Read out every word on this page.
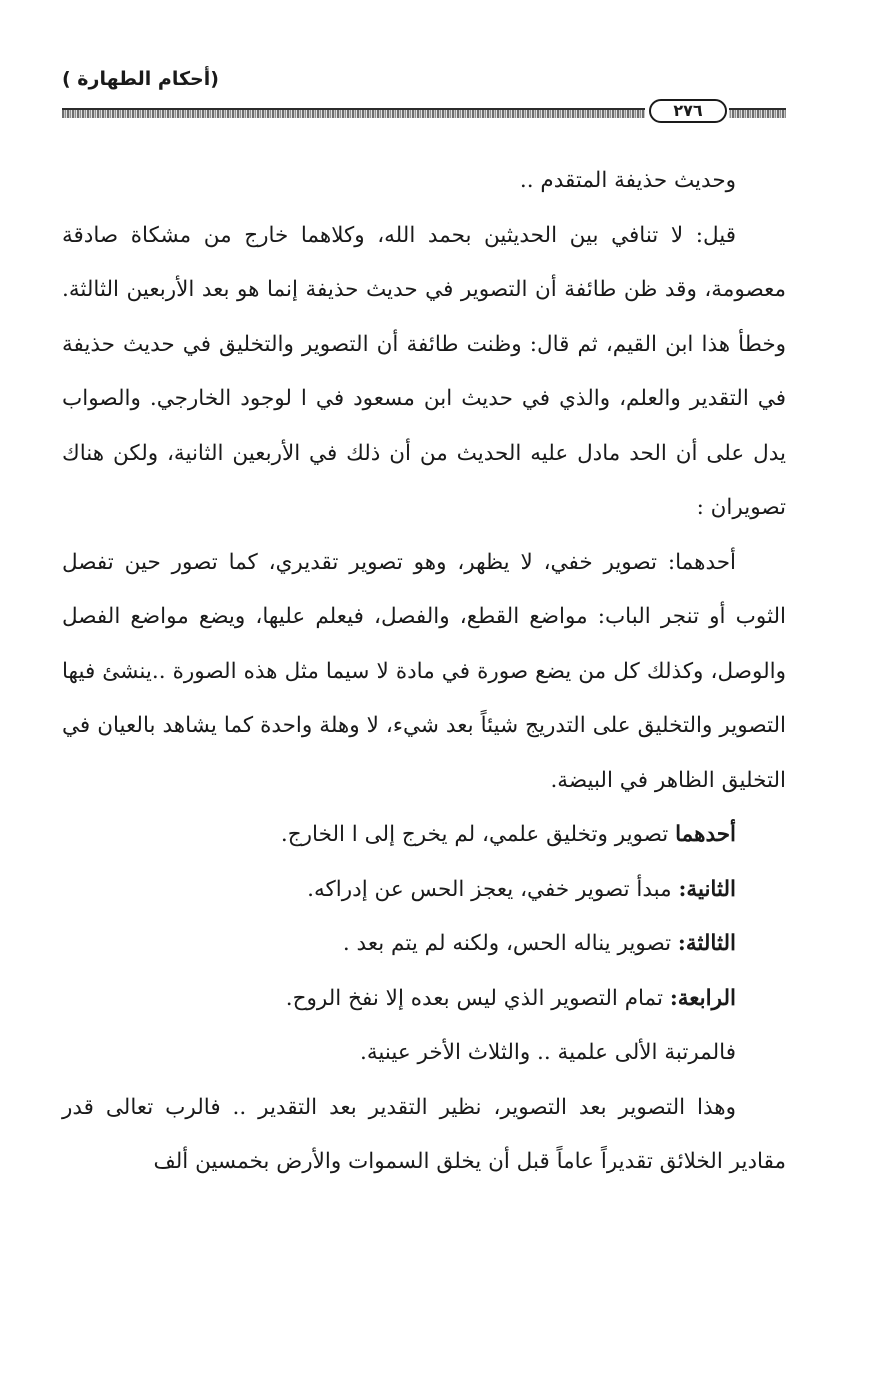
(أحكام الطهارة )
٢٧٦

وحديث حذيفة المتقدم ..

قيل: لا تنافي بين الحديثين بحمد الله، وكلاهما خارج من مشكاة صادقة معصومة، وقد ظن طائفة أن التصوير في حديث حذيفة إنما هو بعد الأربعين الثالثة. وخطأ هذا ابن القيم، ثم قال: وظنت طائفة أن التصوير والتخليق في حديث حذيفة في التقدير والعلم، والذي في حديث ابن مسعود في ا لوجود الخارجي. والصواب يدل على أن الحد مادل عليه الحديث من أن ذلك في الأربعين الثانية، ولكن هناك تصويران :

أحدهما: تصوير خفي، لا يظهر، وهو تصوير تقديري، كما تصور حين تفصل الثوب أو تنجر الباب: مواضع القطع، والفصل، فيعلم عليها، ويضع مواضع الفصل والوصل، وكذلك كل من يضع صورة في مادة لا سيما مثل هذه الصورة ..ينشئ فيها التصوير والتخليق على التدريج شيئاً بعد شيء، لا وهلة واحدة كما يشاهد بالعيان في التخليق الظاهر في البيضة.

أحدهما تصوير وتخليق علمي، لم يخرج إلى ا الخارج.
الثانية: مبدأ تصوير خفي، يعجز الحس عن إدراكه.
الثالثة: تصوير يناله الحس، ولكنه لم يتم بعد .
الرابعة: تمام التصوير الذي ليس بعده إلا نفخ الروح.
فالمرتبة الألى علمية .. والثلاث الأخر عينية.

وهذا التصوير بعد التصوير، نظير التقدير بعد التقدير .. فالرب تعالى قدر مقادير الخلائق تقديراً عاماً قبل أن يخلق السموات والأرض بخمسين ألف
